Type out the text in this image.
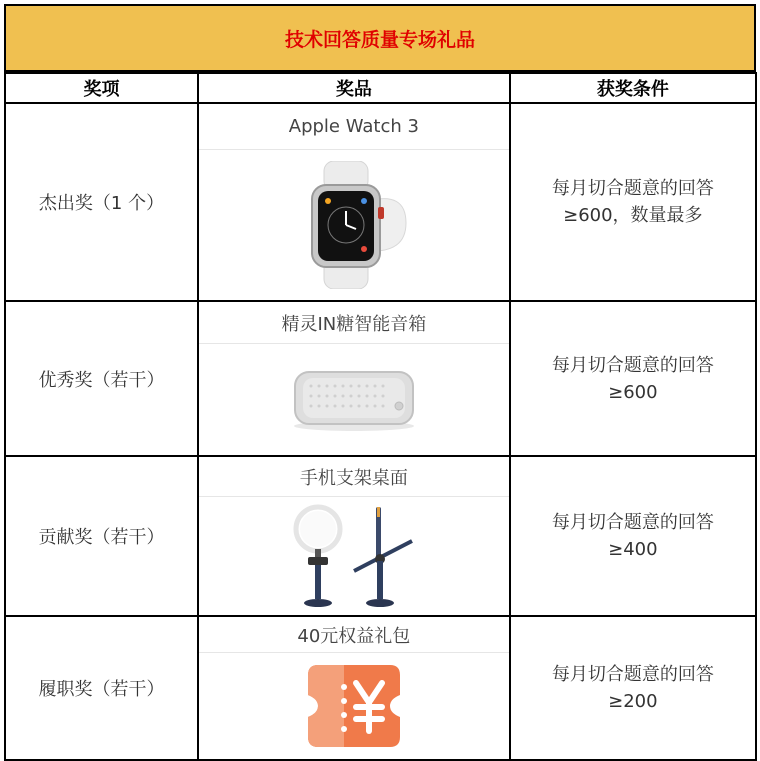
技术回答质量专场礼品
奖项	奖品	获奖条件
杰出奖（1 个）	Apple Watch 3	每月切合题意的回答
≥600，数量最多

优秀奖（若干）	精灵IN糖智能音箱	每月切合题意的回答
≥600

贡献奖（若干）	手机支架桌面	每月切合题意的回答
≥400

履职奖（若干）	40元权益礼包	每月切合题意的回答
≥200
